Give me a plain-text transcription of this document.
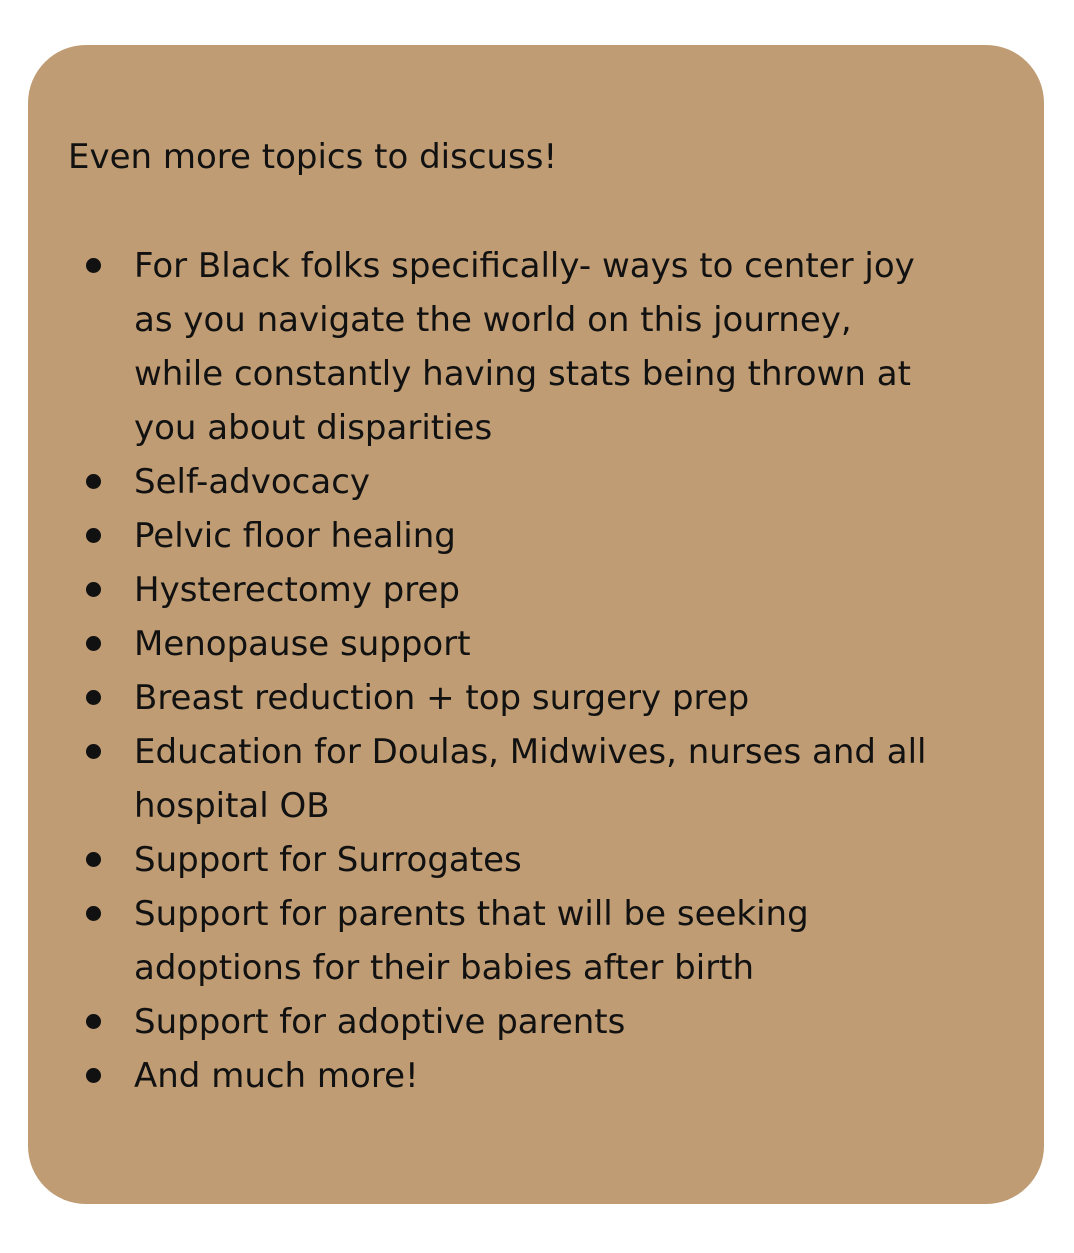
Even more topics to discuss!
For Black folks specifically- ways to center joy
as you navigate the world on this journey,
while constantly having stats being thrown at
you about disparities
Self-advocacy
Pelvic floor healing
Hysterectomy prep
Menopause support
Breast reduction + top surgery prep
Education for Doulas, Midwives, nurses and all
hospital OB
Support for Surrogates
Support for parents that will be seeking
adoptions for their babies after birth
Support for adoptive parents
And much more!
